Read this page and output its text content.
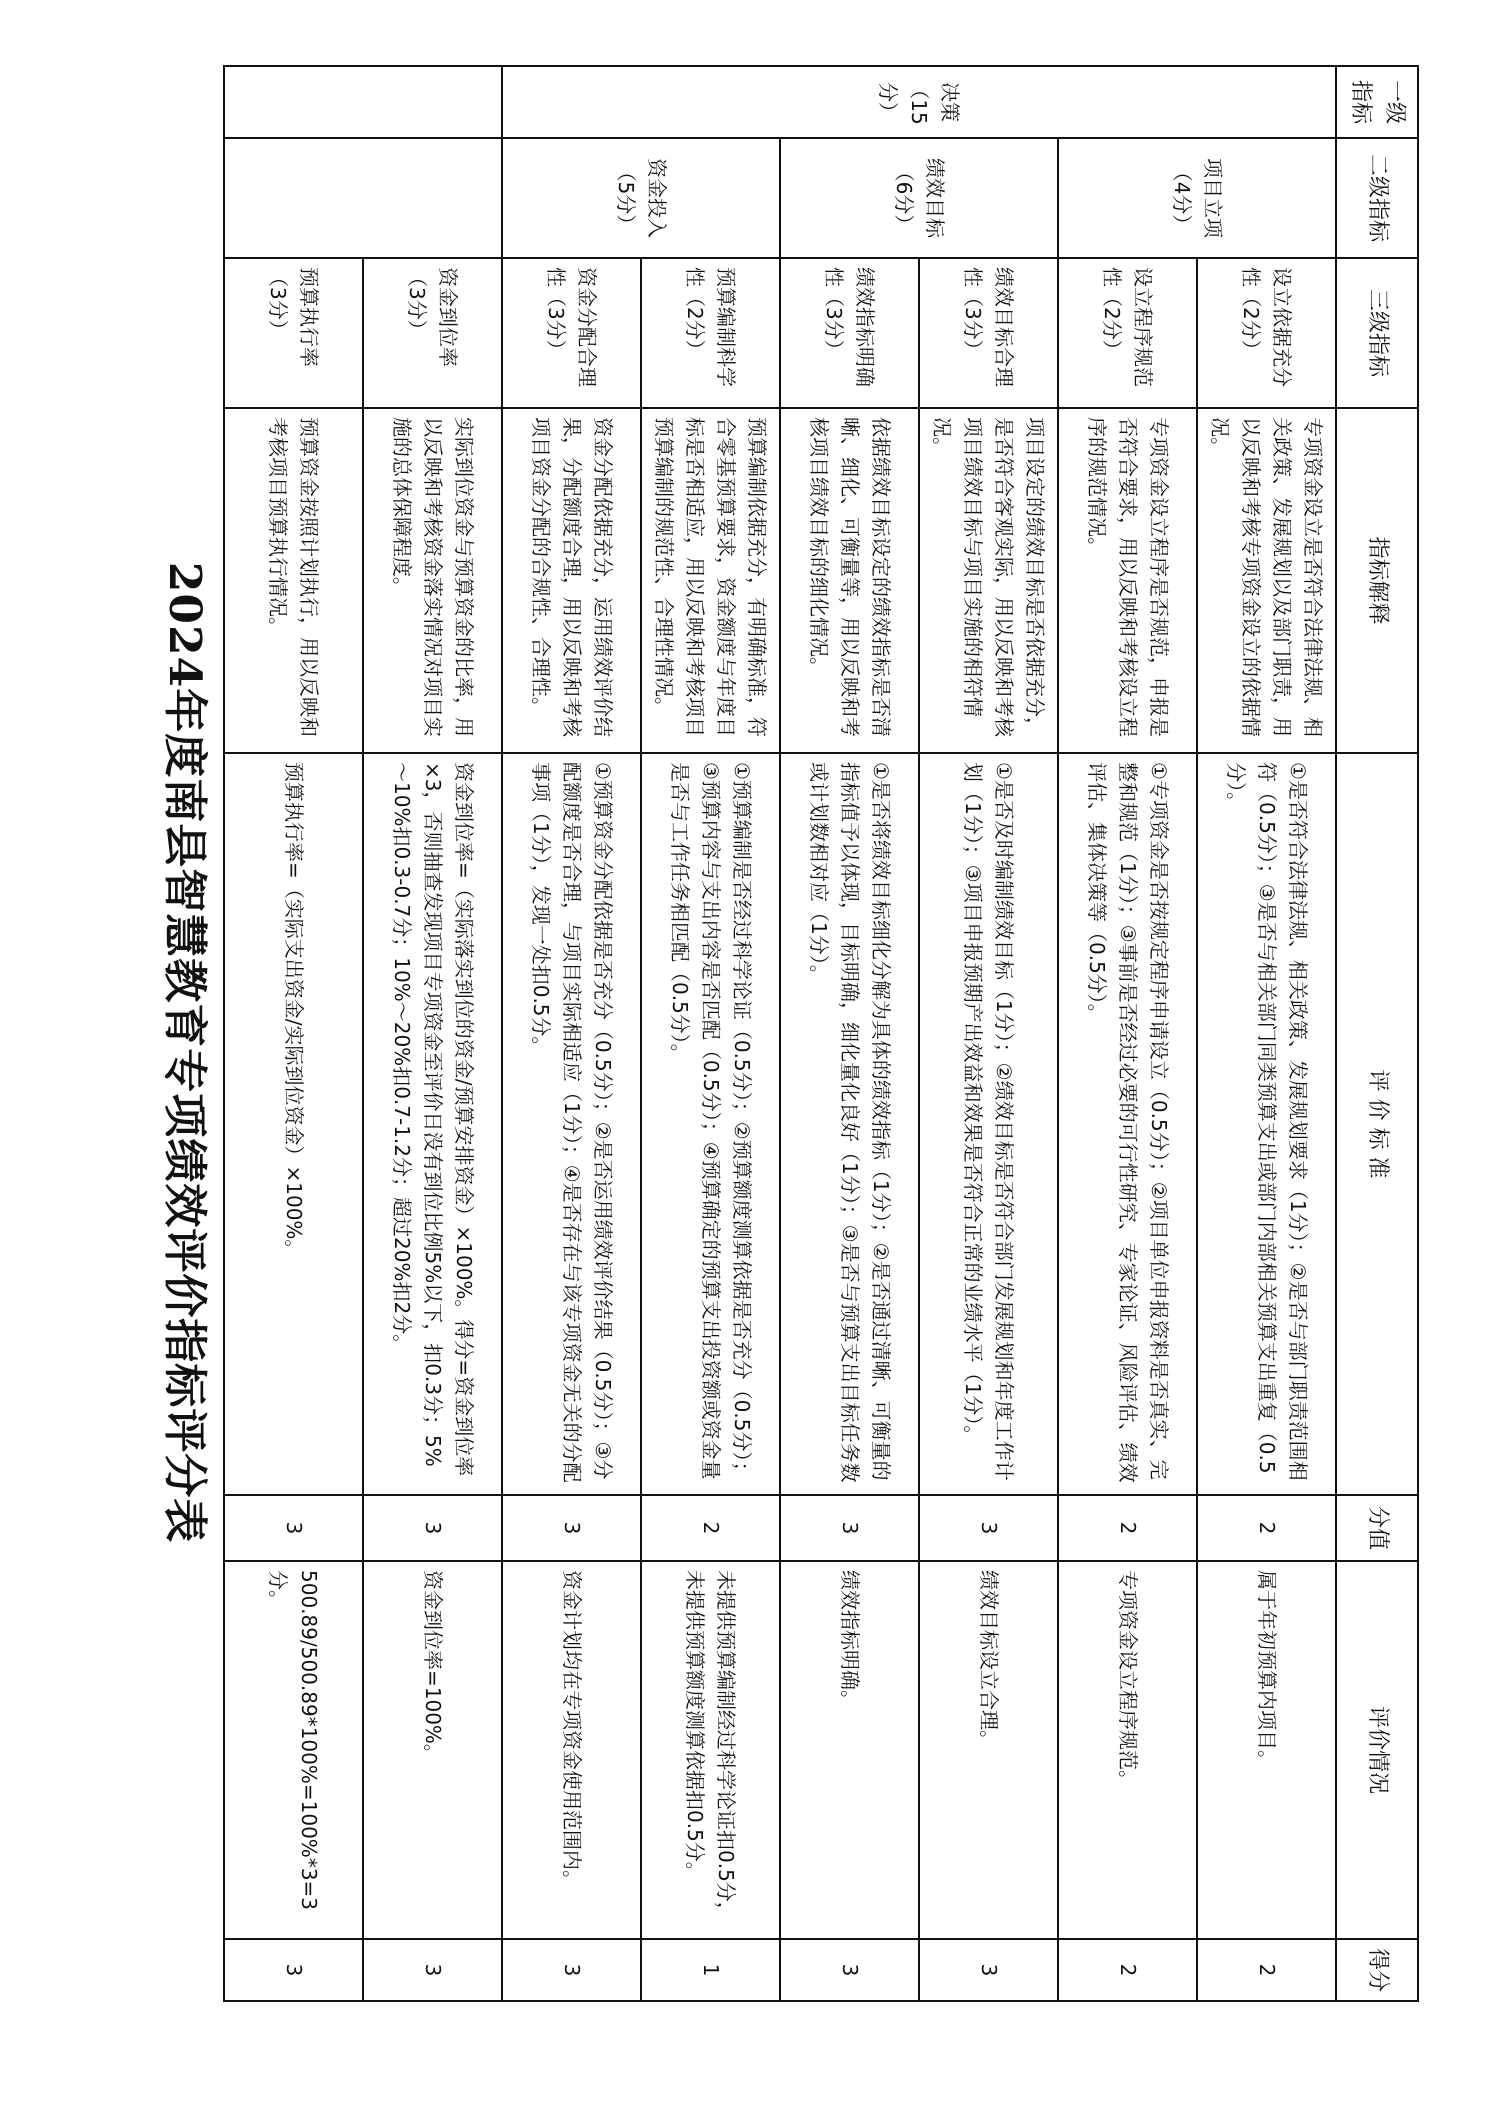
2024年度南县智慧教育专项绩效评价指标评分表
一级指标	二级指标	三级指标	指标解释	评 价 标 准	分值	评价情况	得分
决策（15分）	项目立项（4分）	设立依据充分性（2分）	专项资金设立是否符合法律法规、相关政策、发展规划以及部门职责，用以反映和考核专项资金设立的依据情况。	①是否符合法律法规、相关政策、发展规划要求（1分）；②是否与部门职责范围相符（0.5分）；③是否与相关部门同类预算支出或部门内部相关预算支出重复（0.5分）。	2	属于年初预算内项目。	2
		设立程序规范性（2分）	专项资金设立程序是否规范，申报是否符合要求，用以反映和考核设立程序的规范情况。	①专项资金是否按规定程序申请设立（0.5分）；②项目单位申报资料是否真实、完整和规范（1分）；③事前是否经过必要的可行性研究、专家论证、风险评估、绩效评估、集体决策等（0.5分）。	2	专项资金设立程序规范。	2
	绩效目标（6分）	绩效目标合理性（3分）	项目设定的绩效目标是否依据充分，是否符合客观实际，用以反映和考核项目绩效目标与项目实施的相符情况。	①是否及时编制绩效目标（1分）；②绩效目标是否符合部门发展规划和年度工作计划（1分）；③项目申报预期产出效益和效果是否符合正常的业绩水平（1分）。	3	绩效目标设立合理。	3
		绩效指标明确性（3分）	依据绩效目标设定的绩效指标是否清晰、细化、可衡量等，用以反映和考核项目绩效目标的细化情况。	①是否将绩效目标细化分解为具体的绩效指标（1分）；②是否通过清晰、可衡量的指标值予以体现，目标明确，细化量化良好（1分）；③是否与预算支出目标任务数或计划数相对应（1分）。	3	绩效指标明确。	3
	资金投入（5分）	预算编制科学性（2分）	预算编制依据充分，有明确标准，符合零基预算要求，资金额度与年度目标是否相适应，用以反映和考核项目预算编制的规范性、合理性情况。	①预算编制是否经过科学论证（0.5分）；②预算额度测算依据是否充分（0.5分）；③预算内容与支出内容是否匹配（0.5分）；④预算确定的预算支出投资额或资金量是否与工作任务相匹配（0.5分）。	2	未提供预算编制经过科学论证扣0.5分，未提供预算额度测算依据扣0.5分。	1
		资金分配合理性（3分）	资金分配依据充分，运用绩效评价结果，分配额度合理，用以反映和考核项目资金分配的合规性、合理性。	①预算资金分配依据是否充分（0.5分）；②是否运用绩效评价结果（0.5分）；③分配额度是否合理，与项目实际相适应（1分）；④是否存在与该专项资金无关的分配事项（1分），发现一处扣0.5分。	3	资金计划均在专项资金使用范围内。	3
		资金到位率（3分）	实际到位资金与预算资金的比率，用以反映和考核资金落实情况对项目实施的总体保障程度。	资金到位率=（实际落实到位的资金/预算安排资金）×100%。得分=资金到位率×3，否则抽查发现项目专项资金至评价日没有到位比例5%以下，扣0.3分；5%～10%扣0.3-0.7分；10%～20%扣0.7-1.2分；超过20%扣2分。	3	资金到位率=100%。	3
		预算执行率（3分）	预算资金按照计划执行，用以反映和考核项目预算执行情况。	预算执行率=（实际支出资金/实际到位资金）×100%。	3	500.89/500.89*100%=100%*3=3分。	3
